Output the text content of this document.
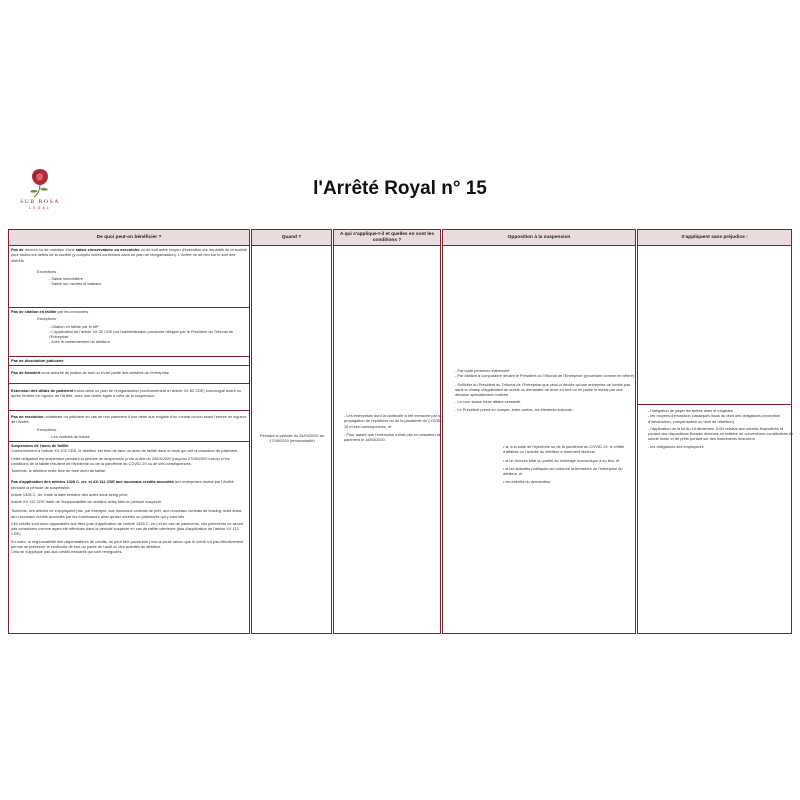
SUB ROSA
LEGAL
l'Arrêté Royal n° 15
De quoi peut-on bénéficier ?

Pas de recours ou de maintien d'une saisie conservatoire ou exécutoire ou de tout autre moyen d'exécution sur les actifs de la société pour toutes les dettes de la société (y compris celles contenues dans un plan de réorganisation). L'Arrêté ne dit rien sur le sort des intérêts

Exceptions :

- Saisie immobilière
- Saisie sur navires et bateaux

Pas de citation en faillite par les créanciers

Exceptions :

- Citation en faillite par le MP
- L'application de l'article XX.32 CDE par l'administrateur provisoire désigné par le Président du Tribunal de l'Entreprise
- Avec le consentement du débiteur
Pas de dissolution judiciaire
Pas de transfert sous autorité de justice de tout ou d'une partie des activités de l'entreprise
Extension des délais de paiement inclus dans un plan de réorganisation (conformément à l'article XX.82 CDE) homologué avant ou après l'entrée en vigueur de l'Arrêté, avec une durée égale à celle de la suspension

Pas de résolution unilatérale ou judiciaire en cas de non paiement d'une dette due exigible d'un contrat conclu avant l'entrée en vigueur de l'Arrêté.

Exceptions :

- Les contrats de travail

Suspension de l'aveu de faillite
Conformément à l'article XX.102 CDE, le débiteur est tenu de faire un aveu de faillite dans le mois qui suit la cessation de paiement.

Cette obligation est suspendue pendant la période de suspension (c'est-à-dire du 24/04/2020 jusqu'au 17/05/2020 inclus) si les conditions de la faillite résultent de l'épidémie ou de la pandémie du COVID-19 ou de ses conséquences.

Toutefois, le débiteur reste libre de faire aveu de faillite.

Pas d'application des articles 1328 C. civ. et XX.112 CDE aux nouveaux crédits accordés aux entreprises visées par l'Arrêté pendant la période de suspension.

Article 1328 C. civ. traite la date certaine des actes sous seing privé.

Article XX.112 CDE traite de l'inopposabilité de certains actes faits en période suspecte.

Toutefois, ces articles ne s'appliquent pas, par exemple, aux nouveaux contrats de prêt, aux nouveaux contrats de leasing, mais aussi aux nouveaux crédits accordés par les fournisseurs ainsi qu'aux sûretés ou paiements qui y sont liés.

Ces crédits sont donc opposables aux tiers (pas d'application de l'article 1328 C. civ.) et en cas de paiements, ces paiements ne seront pas considérés comme ayant été effectués dans la période suspecte en cas de faillite ultérieure (pas d'application de l'article XX.112 CDE).

En outre, la responsabilité des dispensateurs de crédits, ne peut être poursuivie pour la seule raison que le crédit n'a pas effectivement permis de préserver la continuité de tout ou partie de l'actif ou des activités du débiteur.

Cela ne s'applique pas aux crédits existants qui sont renégociés.

Quand ?
Pendant la période du 24/04/2020 au 17/05/2020 (renouvelable)
A qui s'applique-t-il et quelles en sont les conditions ?
- Les entreprises dont la continuité a été menacée par la propagation de l'épidémie ou de la pandémie du COVID-19 et ses conséquences, et
- Pour autant que l'entreprise n'était pas en cessation de paiement le 18/03/2020.
Opposition à la suspension
- Par toute personne intéressée
- Par citation à comparaître devant le Président du Tribunal de l'Entreprise (procédure comme en référé)
- Solliciter du Président du Tribunal de l'Entreprise que celui-ci décide qu'une entreprise ne tombe pas dans le champ d'application du sursis ou demander de lever en tout ou en partie le sursis par une décision spécialement motivée.
- La cour statue toute affaire cessante.
- Le Président prend en compte, entre autres, les éléments suivants :
• si, à la suite de l'épidémie ou de la pandémie du COVID-19, le chiffre d'affaires ou l'activité du débiteur a fortement diminué
• si un recours total ou partiel au chômage économique a eu lieu, et
• si les autorités publiques ont ordonné la fermeture de l'entreprise du débiteur, et
• les intérêts du demandeur
S'appliquent sans préjudice :
- l'obligation de payer les dettes dues et exigibles
- les moyens d'exception classiques issus du droit des obligations (exception d'inexécution, compensation ou droit de rétention)
- l'application de la loi du 15 décembre 2004 relative aux sûretés financières et portant des dispositions fiscales diverses en matière de conventions constitutives de sûreté réelle et de prêts portant sur des instruments financiers
- les obligations des employeurs
